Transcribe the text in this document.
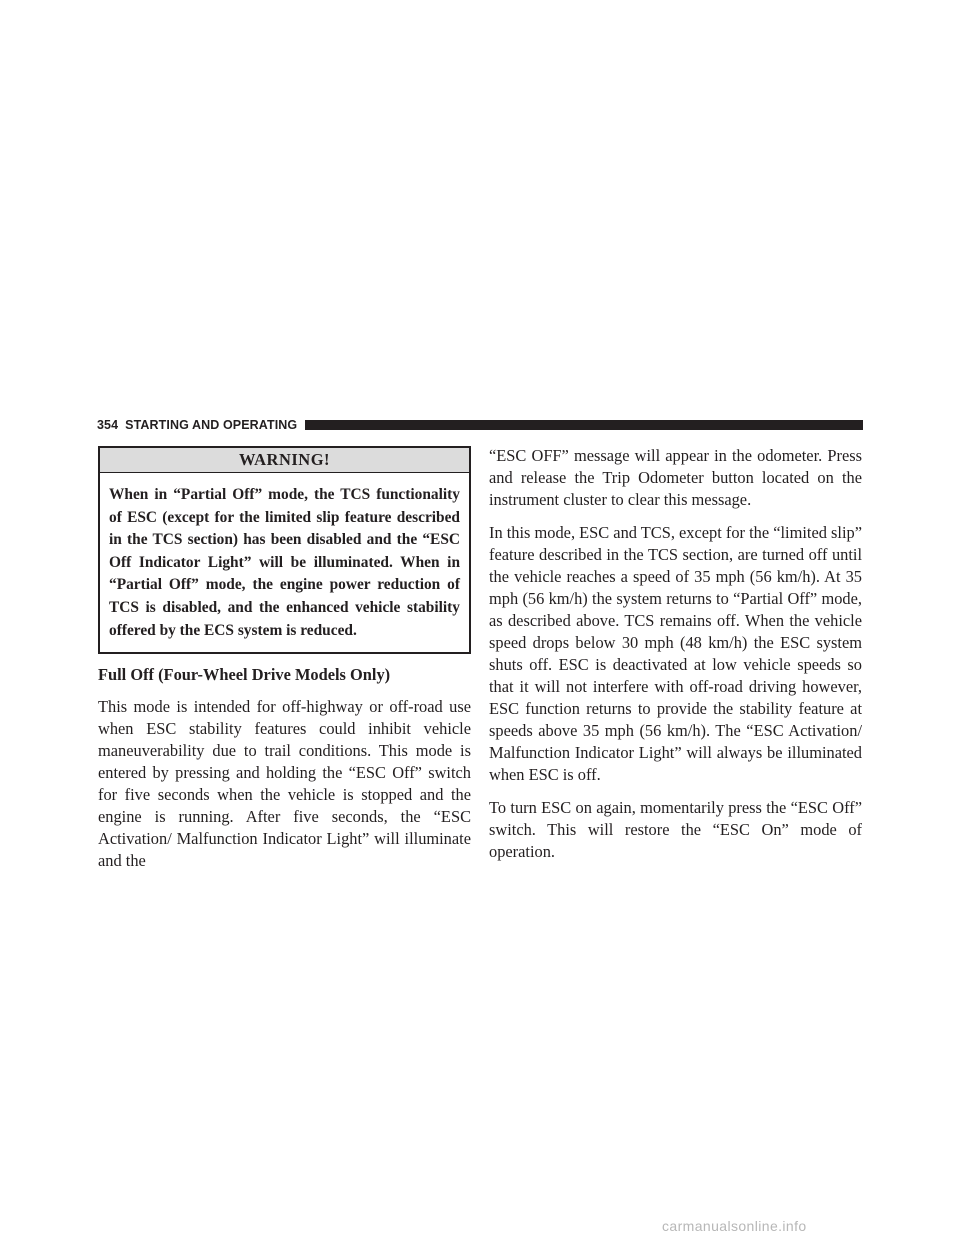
354 STARTING AND OPERATING
WARNING!
When in “Partial Off” mode, the TCS functionality of ESC (except for the limited slip feature described in the TCS section) has been disabled and the “ESC Off Indicator Light” will be illuminated. When in “Partial Off” mode, the engine power reduction of TCS is disabled, and the enhanced vehicle stability offered by the ECS system is reduced.
Full Off (Four-Wheel Drive Models Only)

This mode is intended for off-highway or off-road use when ESC stability features could inhibit vehicle maneuverability due to trail conditions. This mode is entered by pressing and holding the “ESC Off” switch for five seconds when the vehicle is stopped and the engine is running. After five seconds, the “ESC Activation/ Malfunction Indicator Light” will illuminate and the

“ESC OFF” message will appear in the odometer. Press and release the Trip Odometer button located on the instrument cluster to clear this message.

In this mode, ESC and TCS, except for the “limited slip” feature described in the TCS section, are turned off until the vehicle reaches a speed of 35 mph (56 km/h). At 35 mph (56 km/h) the system returns to “Partial Off” mode, as described above. TCS remains off. When the vehicle speed drops below 30 mph (48 km/h) the ESC system shuts off. ESC is deactivated at low vehicle speeds so that it will not interfere with off-road driving however, ESC function returns to provide the stability feature at speeds above 35 mph (56 km/h). The “ESC Activation/ Malfunction Indicator Light” will always be illuminated when ESC is off.

To turn ESC on again, momentarily press the “ESC Off” switch. This will restore the “ESC On” mode of operation.

carmanualsonline.info
